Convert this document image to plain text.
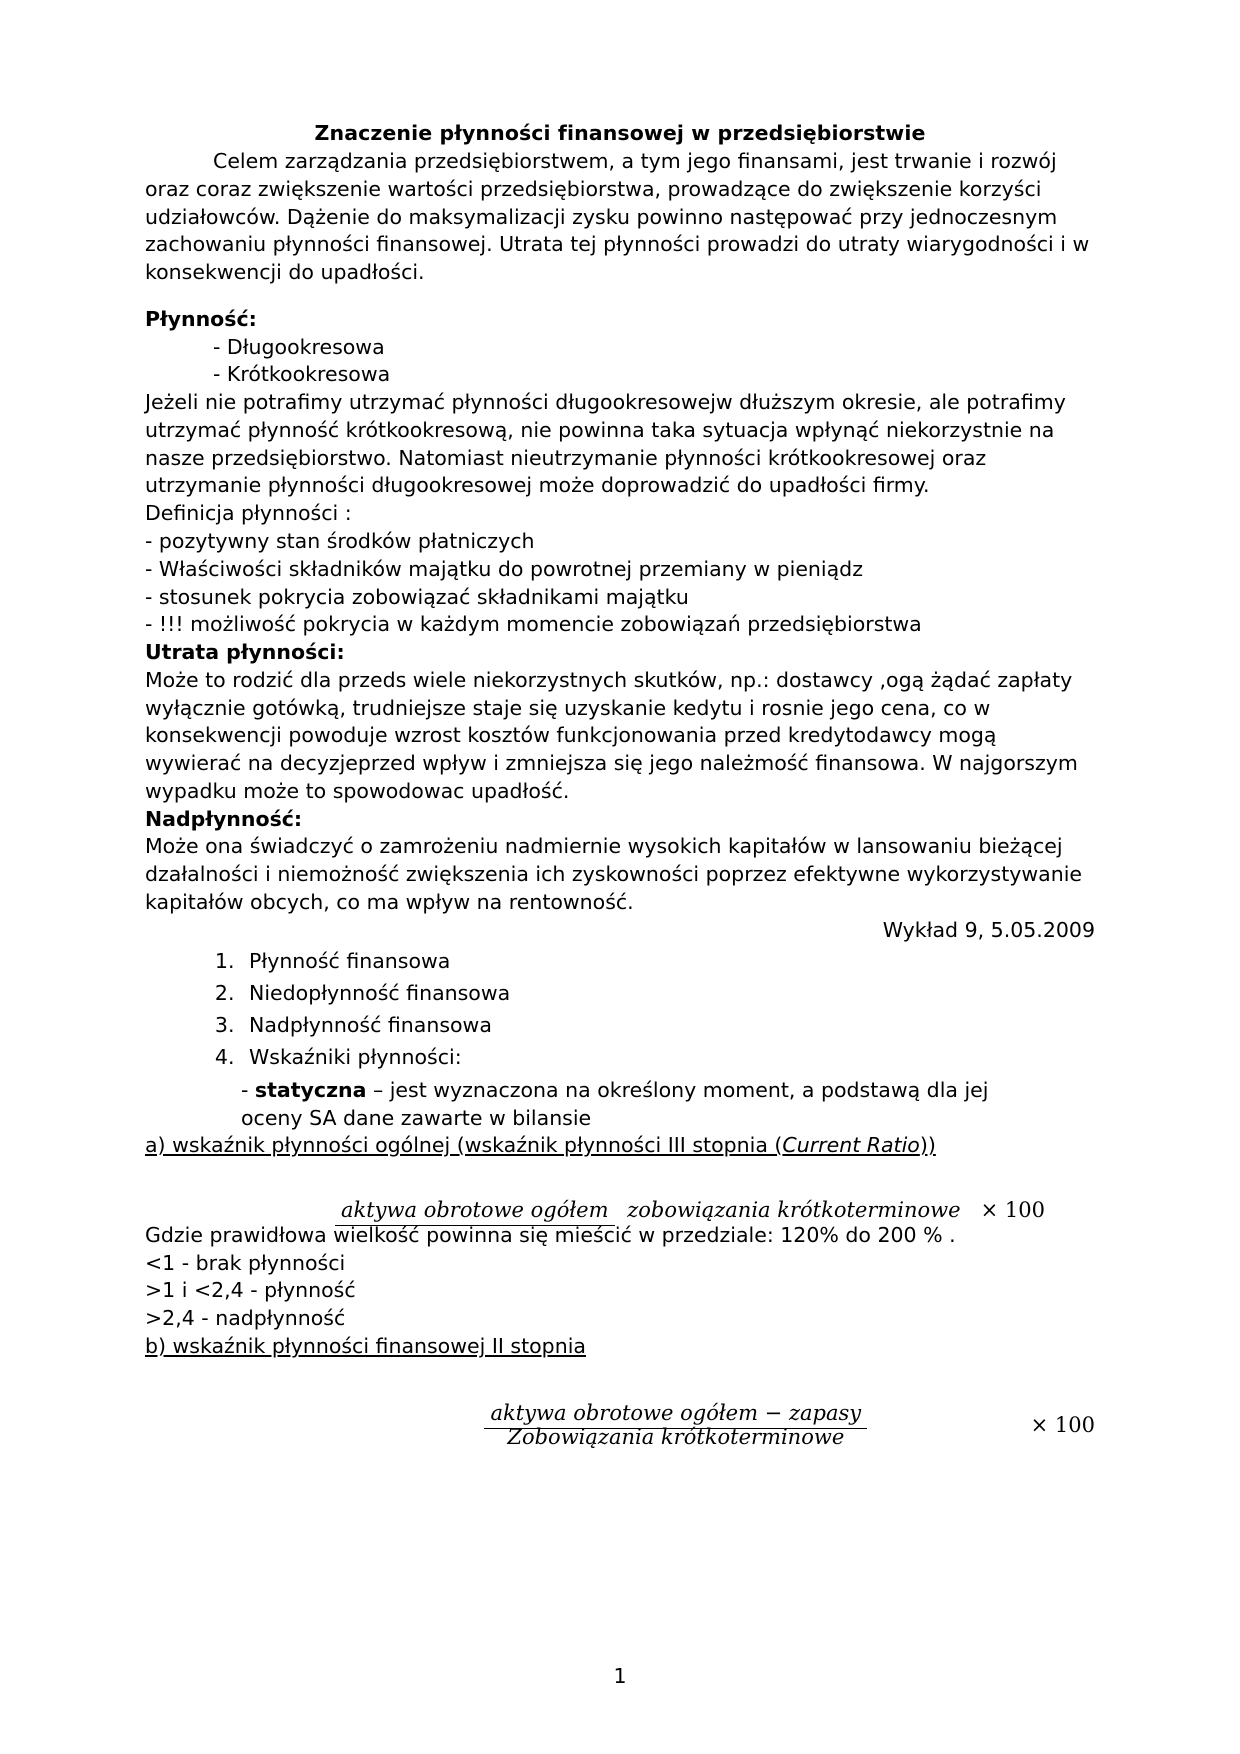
Znaczenie płynności finansowej w przedsiębiorstwie

Celem zarządzania przedsiębiorstwem, a tym jego finansami, jest trwanie i rozwój oraz coraz zwiększenie wartości przedsiębiorstwa, prowadzące do zwiększenie korzyści udziałowców. Dążenie do maksymalizacji zysku powinno następować przy jednoczesnym zachowaniu płynności finansowej. Utrata tej płynności prowadzi do utraty wiarygodności i w konsekwencji do upadłości.

Płynność:
- Długookresowa
- Krótkookresowa

Jeżeli nie potrafimy utrzymać płynności długookresowejw dłuższym okresie, ale potrafimy utrzymać płynność krótkookresową, nie powinna taka sytuacja wpłynąć niekorzystnie na nasze przedsiębiorstwo. Natomiast nieutrzymanie płynności krótkookresowej oraz utrzymanie płynności długookresowej może doprowadzić do upadłości firmy.

Definicja płynności :
- pozytywny stan środków płatniczych
- Właściwości składników majątku do powrotnej przemiany w pieniądz
- stosunek pokrycia zobowiązać składnikami majątku
- !!! możliwość pokrycia w każdym momencie zobowiązań przedsiębiorstwa
Utrata płynności:

Może to rodzić dla przeds wiele niekorzystnych skutków, np.: dostawcy ,ogą żądać zapłaty wyłącznie gotówką, trudniejsze staje się uzyskanie kedytu i rosnie jego cena, co w konsekwencji powoduje wzrost kosztów funkcjonowania przed kredytodawcy mogą wywierać na decyzjeprzed wpływ i zmniejsza się jego należmość finansowa. W najgorszym wypadku może to spowodowac upadłość.

Nadpłynność:

Może ona świadczyć o zamrożeniu nadmiernie wysokich kapitałów w lansowaniu bieżącej dzałalności i niemożność zwiększenia ich zyskowności poprzez efektywne wykorzystywanie kapitałów obcych, co ma wpływ na rentowność.

Wykład 9, 5.05.2009
1. Płynność finansowa
2. Niedopłynność finansowa
3. Nadpłynność finansowa
4. Wskaźniki płynności:
- statyczna – jest wyznaczona na określony moment, a podstawą dla jej
oceny SA dane zawarte w bilansie
a) wskaźnik płynności ogólnej (wskaźnik płynności III stopnia (Current Ratio))
aktywa obrotowe ogółem zobowiązania krótkoterminowe × 100
Gdzie prawidłowa wielkość powinna się mieścić w przedziale: 120% do 200 % .
<1 - brak płynności
>1 i <2,4 - płynność
>2,4 - nadpłynność
b) wskaźnik płynności finansowej II stopnia
aktywa obrotowe ogółem − zapasy Zobowiązania krótkoterminowe	× 100
1
